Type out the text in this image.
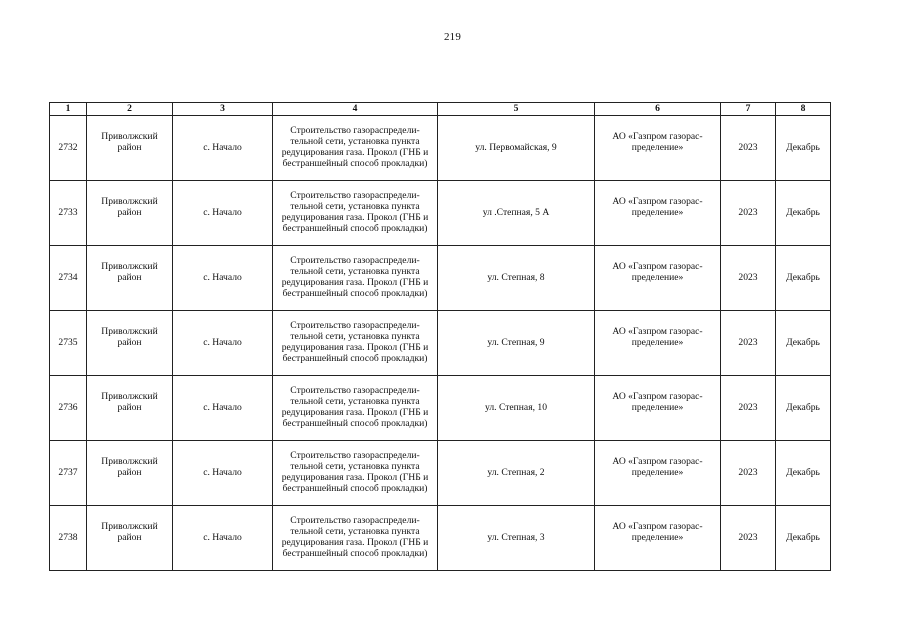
219
1	2	3	4	5	6	7	8
2732	Приволжский район	с. Начало	Строительство газораспредели-тельной сети, установка пункта редуцирования газа. Прокол (ГНБ и бестраншейный способ прокладки)	ул. Первомайская, 9	АО «Газпром газорас-пределение»	2023	Декабрь
2733	Приволжский район	с. Начало	Строительство газораспредели-тельной сети, установка пункта редуцирования газа. Прокол (ГНБ и бестраншейный способ прокладки)	ул .Степная, 5 А	АО «Газпром газорас-пределение»	2023	Декабрь
2734	Приволжский район	с. Начало	Строительство газораспредели-тельной сети, установка пункта редуцирования газа. Прокол (ГНБ и бестраншейный способ прокладки)	ул. Степная, 8	АО «Газпром газорас-пределение»	2023	Декабрь
2735	Приволжский район	с. Начало	Строительство газораспредели-тельной сети, установка пункта редуцирования газа. Прокол (ГНБ и бестраншейный способ прокладки)	ул. Степная, 9	АО «Газпром газорас-пределение»	2023	Декабрь
2736	Приволжский район	с. Начало	Строительство газораспредели-тельной сети, установка пункта редуцирования газа. Прокол (ГНБ и бестраншейный способ прокладки)	ул. Степная, 10	АО «Газпром газорас-пределение»	2023	Декабрь
2737	Приволжский район	с. Начало	Строительство газораспредели-тельной сети, установка пункта редуцирования газа. Прокол (ГНБ и бестраншейный способ прокладки)	ул. Степная, 2	АО «Газпром газорас-пределение»	2023	Декабрь
2738	Приволжский район	с. Начало	Строительство газораспредели-тельной сети, установка пункта редуцирования газа. Прокол (ГНБ и бестраншейный способ прокладки)	ул. Степная, 3	АО «Газпром газорас-пределение»	2023	Декабрь
